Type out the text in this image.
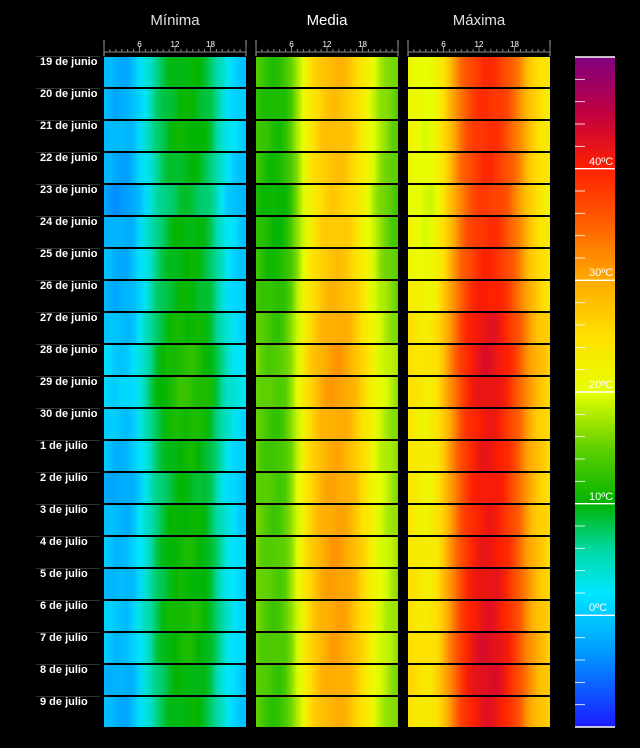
6	12	18	6	12	18	6	12	18
Mínima	Media	Máxima
19 de junio
20 de junio
21 de junio
22 de junio
23 de junio
24 de junio
25 de junio
26 de junio
27 de junio
28 de junio
29 de junio
30 de junio
1 de julio
2 de julio
3 de julio
4 de julio
5 de julio
6 de julio
7 de julio
8 de julio
9 de julio
0ºC
10ºC
20ºC
30ºC
40ºC
